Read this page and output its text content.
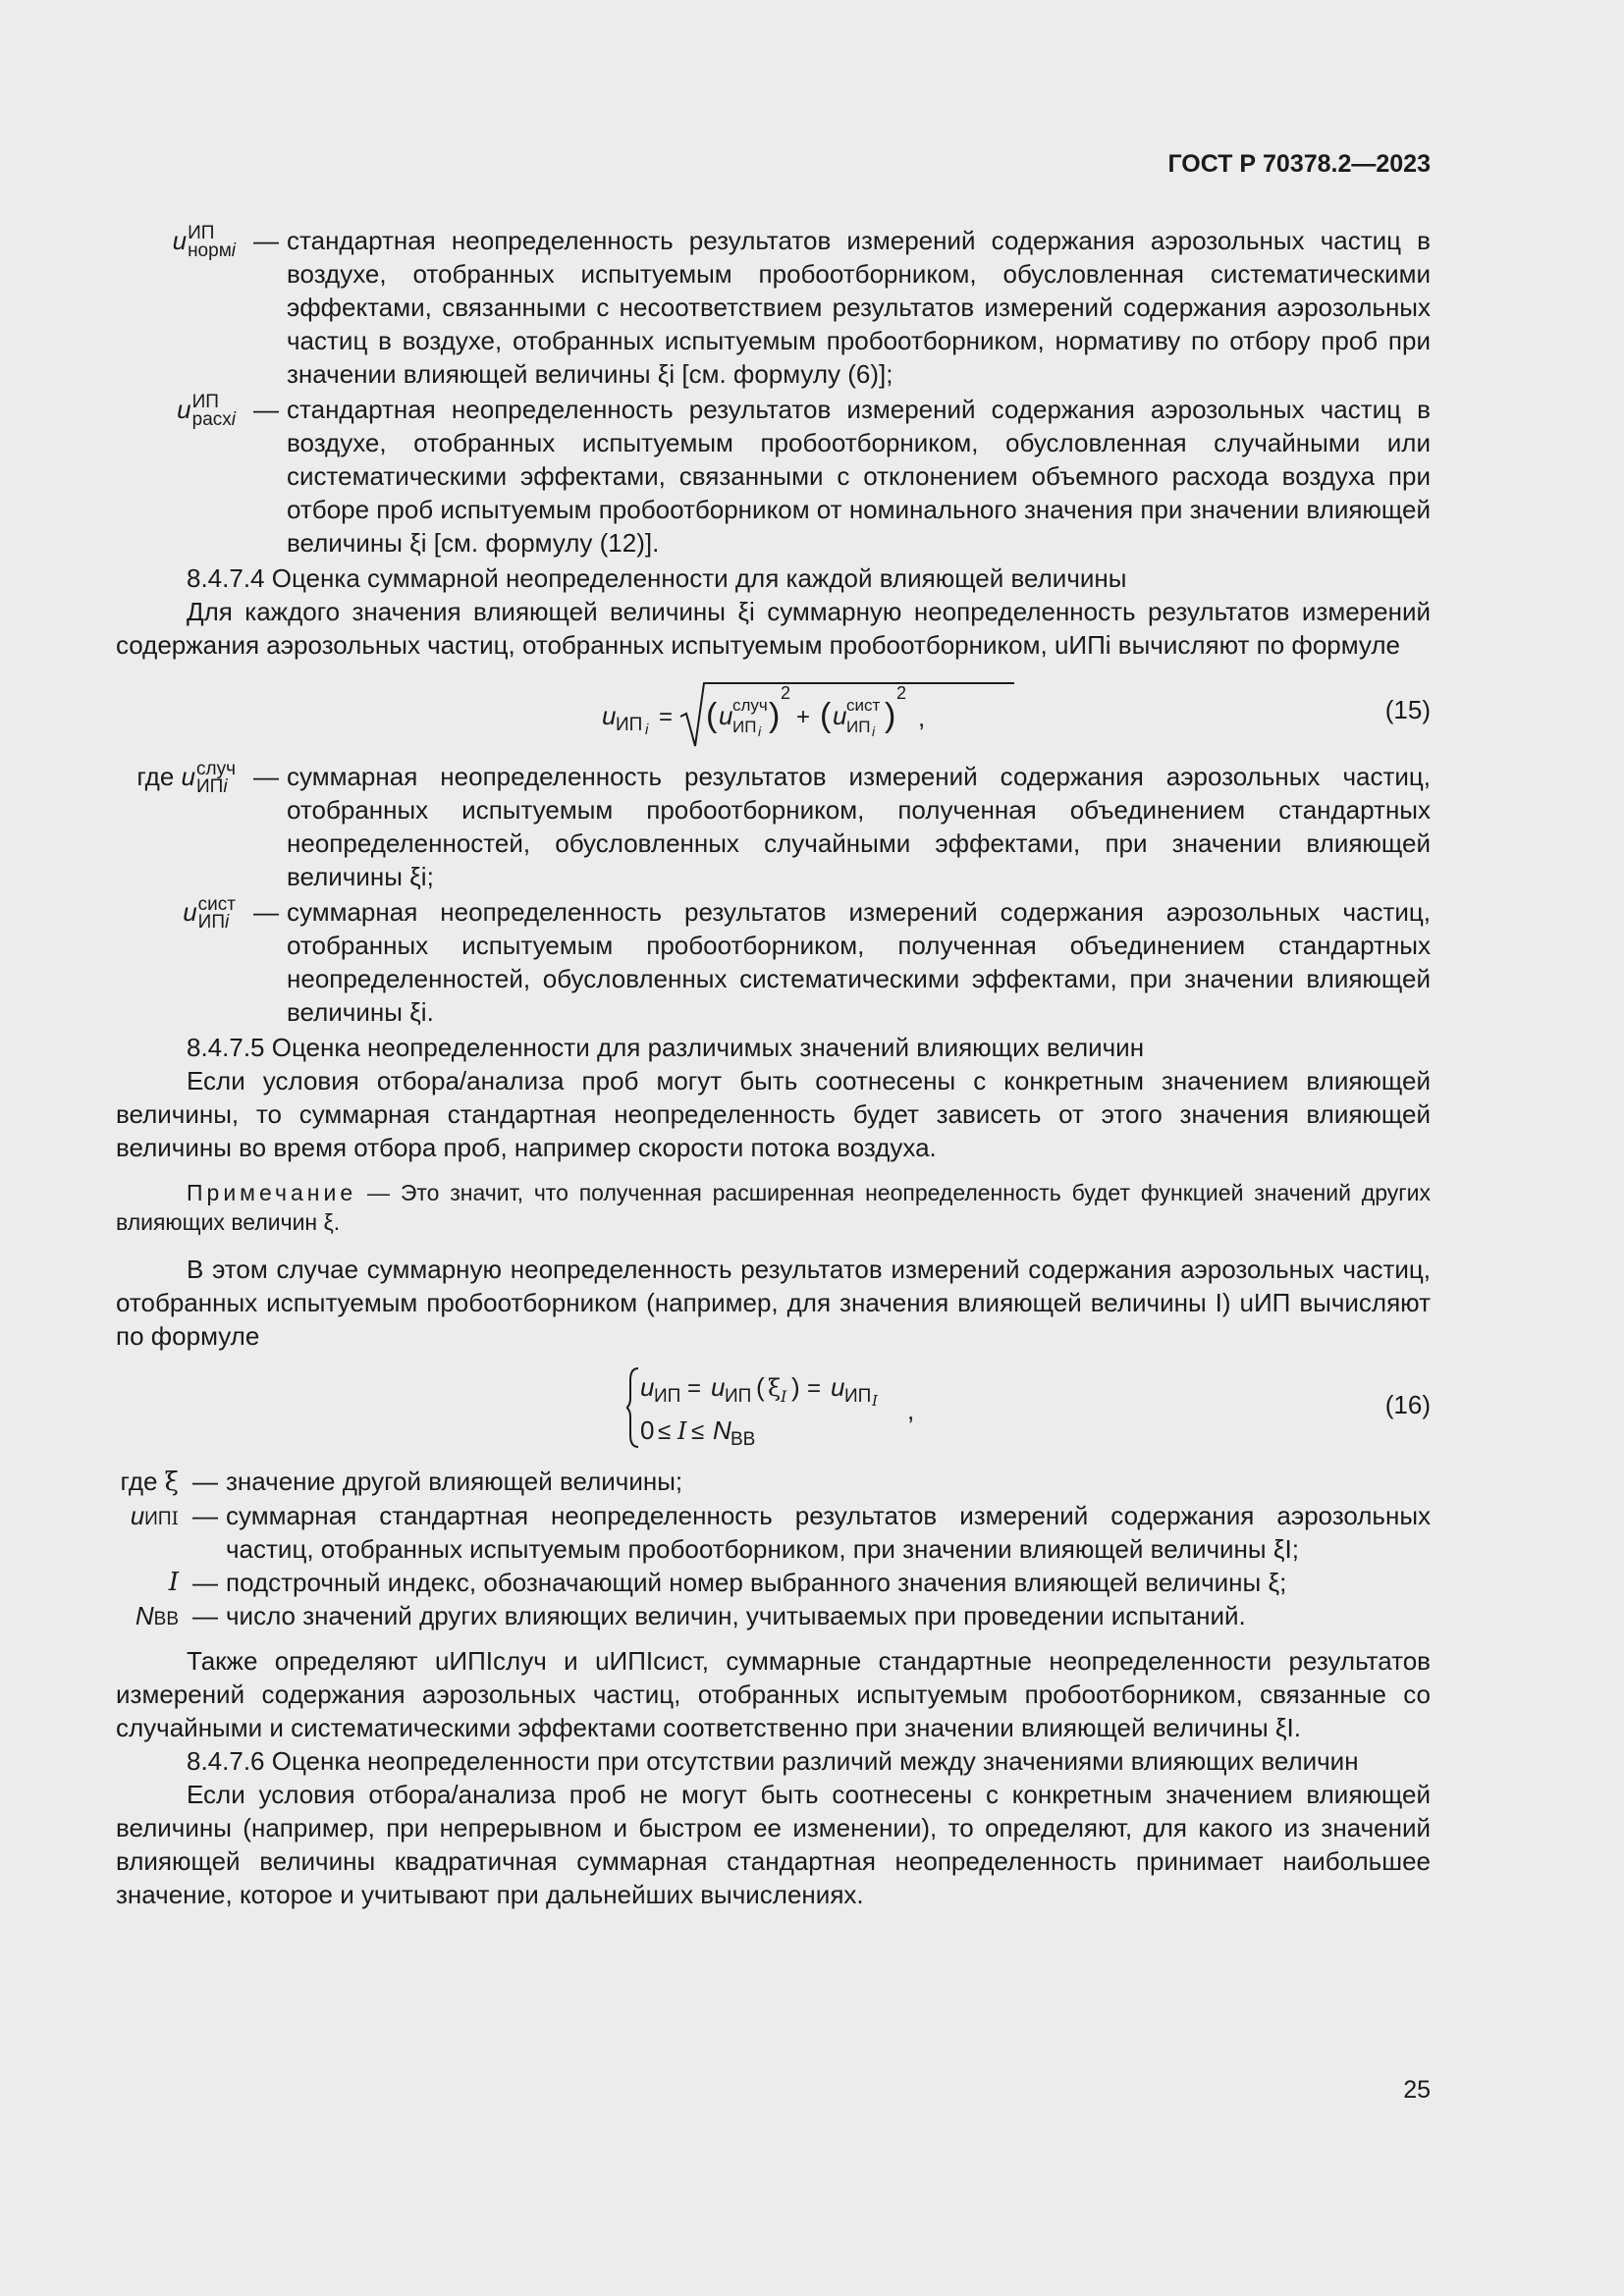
ГОСТ Р 70378.2—2023
u ИП
нормi — стандартная неопределенность результатов измерений содержания аэрозольных частиц в воздухе, отобранных испытуемым пробоотборником, обусловленная систематическими эффектами, связанными с несоответствием результатов измерений содержания аэрозольных частиц в воздухе, отобранных испытуемым пробоотборником, нормативу по отбору проб при значении влияющей величины ξi [см. формулу (6)];
u ИП
расхi — стандартная неопределенность результатов измерений содержания аэрозольных частиц в воздухе, отобранных испытуемым пробоотборником, обусловленная случайными или систематическими эффектами, связанными с отклонением объемного расхода воздуха при отборе проб испытуемым пробоотборником от номинального значения при значении влияющей величины ξi [см. формулу (12)].

8.4.7.4 Оценка суммарной неопределенности для каждой влияющей величины

Для каждого значения влияющей величины ξi суммарную неопределенность результатов измерений содержания аэрозольных частиц, отобранных испытуемым пробоотборником, uИПi вычисляют по формуле

u ИП i = ( u случ
ИП i )
2
+ ( u сист
ИП i )
2
,	(15)
где u случ
ИПi	— суммарная неопределенность результатов измерений содержания аэрозольных частиц, отобранных испытуемым пробоотборником, полученная объединением стандартных неопределенностей, обусловленных случайными эффектами, при значении влияющей величины ξi;
u сист
ИПi — суммарная неопределенность результатов измерений содержания аэрозольных частиц, отобранных испытуемым пробоотборником, полученная объединением стандартных неопределенностей, обусловленных систематическими эффектами, при значении влияющей величины ξi.

8.4.7.5 Оценка неопределенности для различимых значений влияющих величин

Если условия отбора/анализа проб могут быть соотнесены с конкретным значением влияющей величины, то суммарная стандартная неопределенность будет зависеть от этого значения влияющей величины во время отбора проб, например скорости потока воздуха.

Примечание — Это значит, что полученная расширенная неопределенность будет функцией значений других влияющих величин ξ.

В этом случае суммарную неопределенность результатов измерений содержания аэрозольных частиц, отобранных испытуемым пробоотборником (например, для значения влияющей величины I) uИП вычисляют по формуле

u ИП = u ИП ( ξ I ) = u ИП I
0 ≤ I ≤ N ВВ
,	(16)
где ξ — значение другой влияющей величины;
uИПI — суммарная стандартная неопределенность результатов измерений содержания аэрозольных частиц, отобранных испытуемым пробоотборником, при значении влияющей величины ξI;
I — подстрочный индекс, обозначающий номер выбранного значения влияющей величины ξ;
NВВ — число значений других влияющих величин, учитываемых при проведении испытаний.

Также определяют uИПIслуч и uИПIсист, суммарные стандартные неопределенности результатов измерений содержания аэрозольных частиц, отобранных испытуемым пробоотборником, связанные со случайными и систематическими эффектами соответственно при значении влияющей величины ξI.

8.4.7.6 Оценка неопределенности при отсутствии различий между значениями влияющих величин

Если условия отбора/анализа проб не могут быть соотнесены с конкретным значением влияющей величины (например, при непрерывном и быстром ее изменении), то определяют, для какого из значений влияющей величины квадратичная суммарная стандартная неопределенность принимает наибольшее значение, которое и учитывают при дальнейших вычислениях.

25
